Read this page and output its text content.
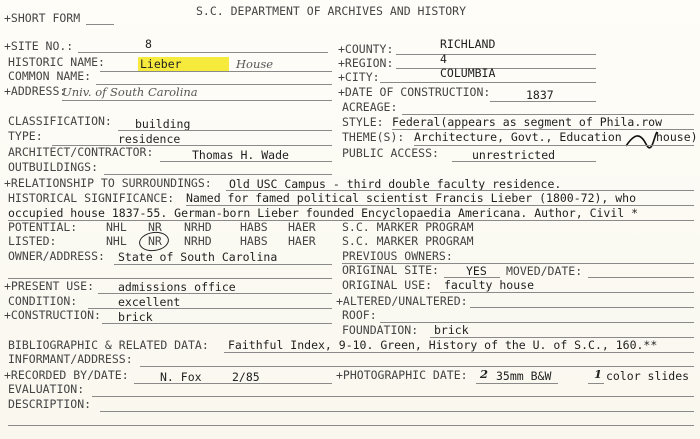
+SHORT FORM	S.C. DEPARTMENT OF ARCHIVES AND HISTORY
+SITE NO.:	8	+COUNTY:	RICHLAND
HISTORIC NAME:	Lieber	House	+REGION:	4
COMMON NAME:	+CITY:	COLUMBIA
+ADDRESS:
Univ. of South Carolina	+DATE OF CONSTRUCTION:	1837
ACREAGE:
CLASSIFICATION: building	STYLE: Federal(appears as segment of Phila.row
TYPE:	residence	THEME(S): Architecture, Govt., Education	house)
ARCHITECT/CONTRACTOR:	Thomas H. Wade	PUBLIC ACCESS:	unrestricted
OUTBUILDINGS:
+RELATIONSHIP TO SURROUNDINGS: Old USC Campus - third double faculty residence.
HISTORICAL SIGNIFICANCE: Named for famed political scientist Francis Lieber (1800-72), who
occupied house 1837-55. German-born Lieber founded Encyclopaedia Americana. Author, Civil *
POTENTIAL:	NHL NR NRHD HABS HAER S.C. MARKER PROGRAM
LISTED:	NHL NR NRHD HABS HAER S.C. MARKER PROGRAM
OWNER/ADDRESS: State of South Carolina	PREVIOUS OWNERS:
ORIGINAL SITE: YES MOVED/DATE:
+PRESENT USE: admissions office	ORIGINAL USE: faculty house
CONDITION:	excellent	+ALTERED/UNALTERED:
+CONSTRUCTION: brick	ROOF:
FOUNDATION: brick
BIBLIOGRAPHIC & RELATED DATA: Faithful Index, 9-10. Green, History of the U. of S.C., 160.**
INFORMANT/ADDRESS:
+RECORDED BY/DATE:	N. Fox	2/85	+PHOTOGRAPHIC DATE: 2 35mm B&W	1 color slides
EVALUATION:
DESCRIPTION:
